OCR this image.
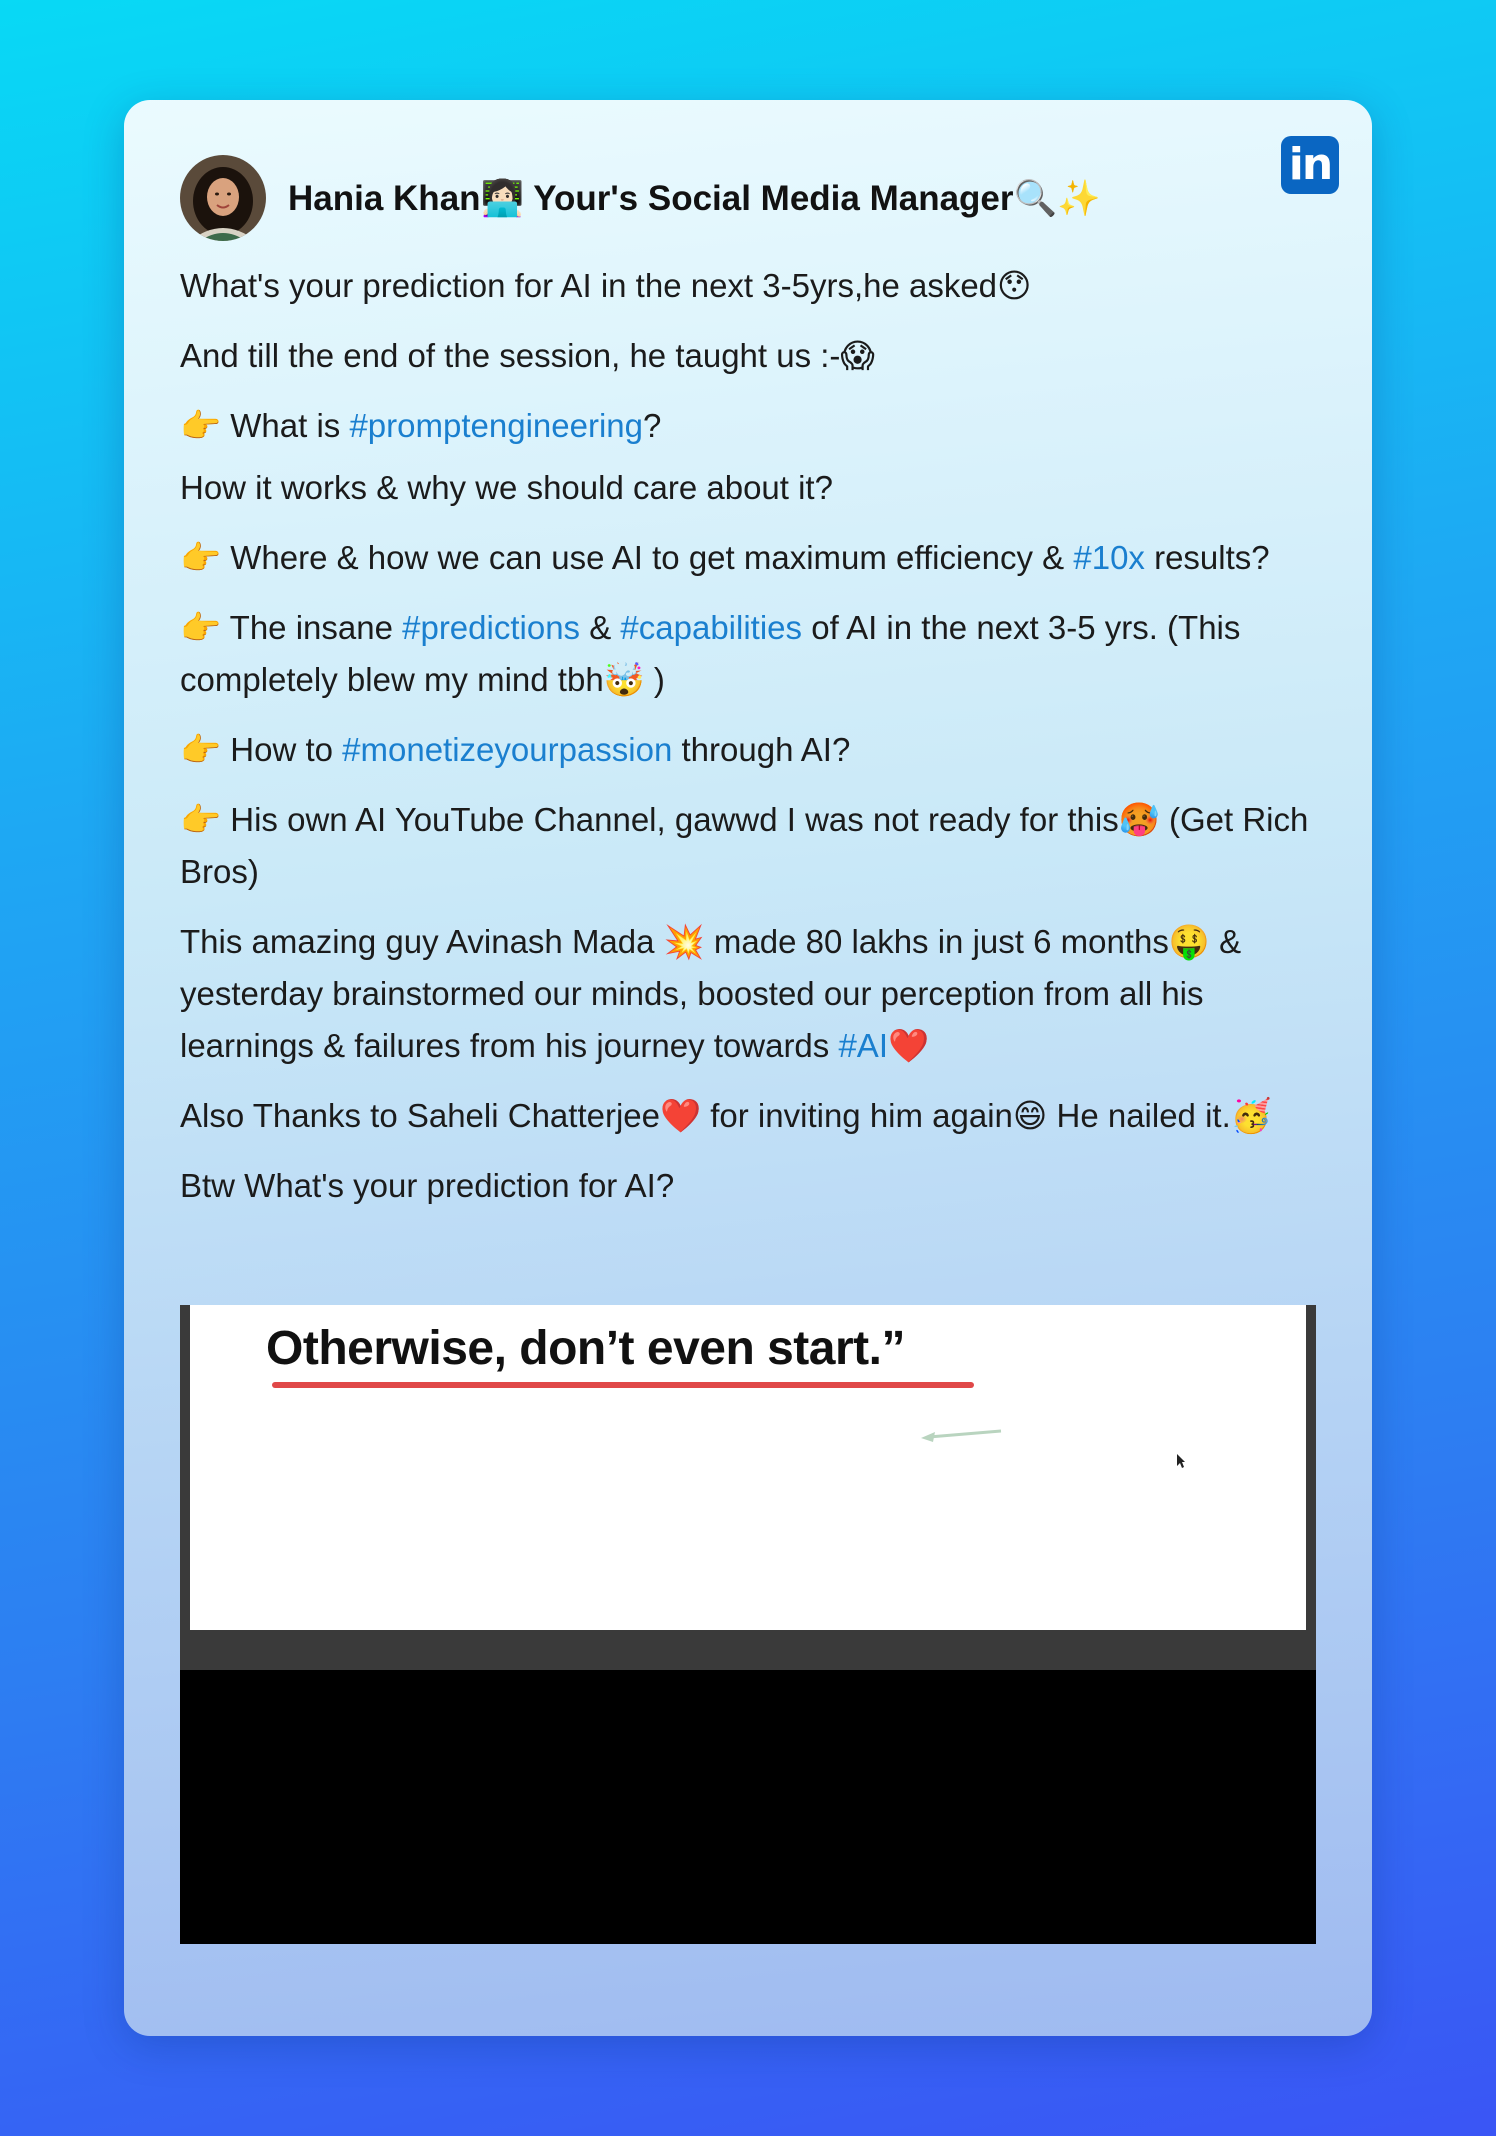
in
Hania Khan👩🏻‍💻 Your's Social Media Manager🔍✨

What's your prediction for AI in the next 3-5yrs,he asked😯

And till the end of the session, he taught us :-😱

👉 What is #promptengineering?

How it works & why we should care about it?

👉 Where & how we can use AI to get maximum efficiency & #10x results?

👉 The insane #predictions & #capabilities of AI in the next 3-5 yrs. (This completely blew my mind tbh🤯 )

👉 How to #monetizeyourpassion through AI?

👉 His own AI YouTube Channel, gawwd I was not ready for this🥵 (Get Rich Bros)

This amazing guy Avinash Mada 💥 made 80 lakhs in just 6 months🤑 & yesterday brainstormed our minds, boosted our perception from all his learnings & failures from his journey towards #AI❤️

Also Thanks to Saheli Chatterjee❤️ for inviting him again😄 He nailed it.🥳

Btw What's your prediction for AI?

Otherwise, don’t even start.”
